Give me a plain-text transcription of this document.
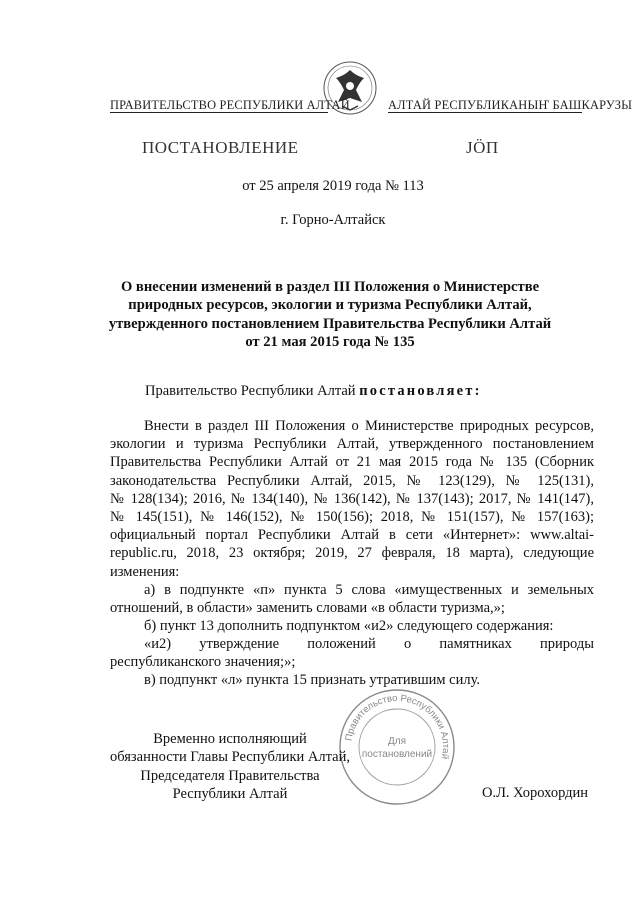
ПРАВИТЕЛЬСТВО РЕСПУБЛИКИ АЛТАЙ	АЛТАЙ РЕСПУБЛИКАНЫҤ БАШКАРУЗЫ
ПОСТАНОВЛЕНИЕ	ЈӦП
от 25 апреля 2019 года № 113
г. Горно-Алтайск
О внесении изменений в раздел III Положения о Министерстве
природных ресурсов, экологии и туризма Республики Алтай,
утвержденного постановлением Правительства Республики Алтай
от 21 мая 2015 года № 135
Правительство Республики Алтай постановляет:
Внести в раздел III Положения о Министерстве природных ресурсов,
экологии и туризма Республики Алтай, утвержденного постановлением
Правительства Республики Алтай от 21 мая 2015 года № 135 (Сборник
законодательства Республики Алтай, 2015, № 123(129), № 125(131),
№ 128(134); 2016, № 134(140), № 136(142), № 137(143); 2017, № 141(147),
№ 145(151), № 146(152), № 150(156); 2018, № 151(157), № 157(163);
официальный портал Республики Алтай в сети «Интернет»: www.altai-
republic.ru, 2018, 23 октября; 2019, 27 февраля, 18 марта), следующие
изменения:
а) в подпункте «п» пункта 5 слова «имущественных и земельных
отношений, в области» заменить словами «в области туризма,»;
б) пункт 13 дополнить подпунктом «и2» следующего содержания:
«и2) утверждение положений о памятниках природы
республиканского значения;»;
в) подпункт «л» пункта 15 признать утратившим силу.
Правительство Республики Алтай
Для
постановлений
Временно исполняющий
обязанности Главы Республики Алтай,
Председателя Правительства
Республики Алтай	О.Л. Хорохордин
